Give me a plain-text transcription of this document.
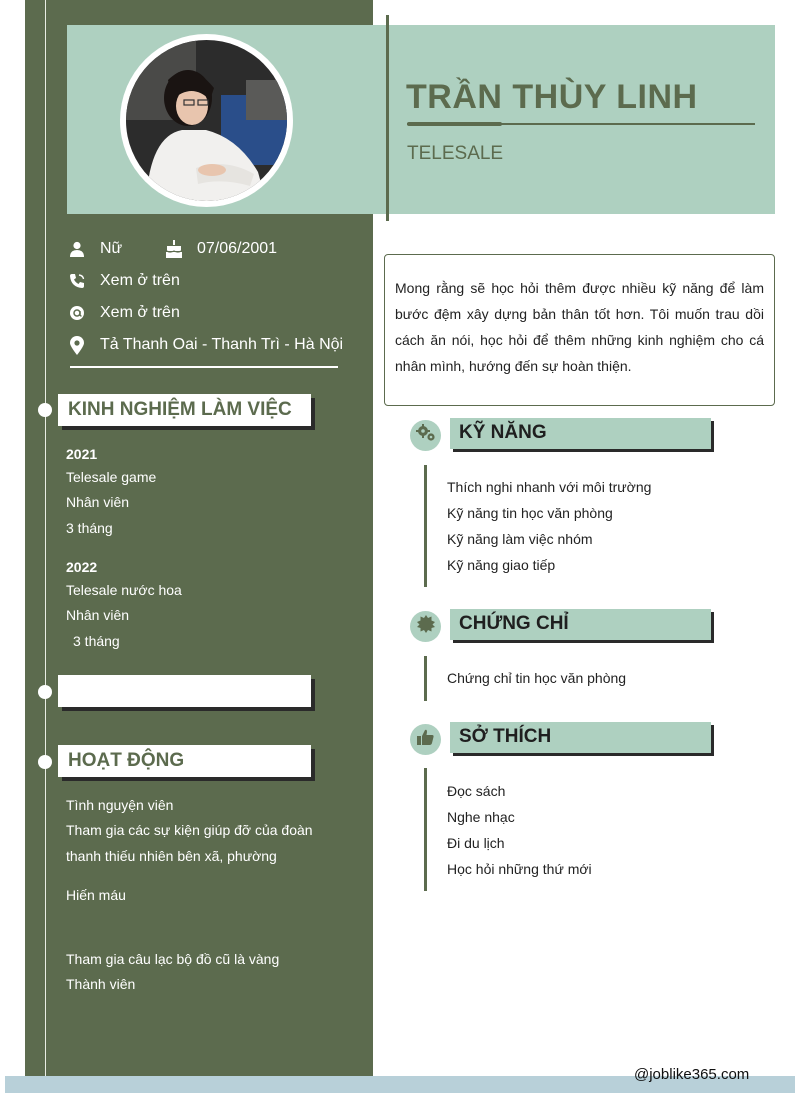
TRẦN THÙY LINH
TELESALE
Nữ	07/06/2001
Xem ở trên
Xem ở trên
Tả Thanh Oai - Thanh Trì - Hà Nội
KINH NGHIỆM LÀM VIỆC
2021
Telesale game
Nhân viên
3 tháng
2022
Telesale nước hoa
Nhân viên
3 tháng
HOẠT ĐỘNG
Tình nguyện viên
Tham gia các sự kiện giúp đỡ của đoàn
thanh thiếu nhiên bên xã, phường
Hiến máu
Tham gia câu lạc bộ đồ cũ là vàng
Thành viên

Mong rằng sẽ học hỏi thêm được nhiều kỹ năng để làm bước đệm xây dựng bản thân tốt hơn. Tôi muốn trau dồi cách ăn nói, học hỏi để thêm những kinh nghiệm cho cá nhân mình, hướng đến sự hoàn thiện.

KỸ NĂNG
Thích nghi nhanh với môi trường
Kỹ năng tin học văn phòng
Kỹ năng làm việc nhóm
Kỹ năng giao tiếp
CHỨNG CHỈ
Chứng chỉ tin học văn phòng
SỞ THÍCH
Đọc sách
Nghe nhạc
Đi du lịch
Học hỏi những thứ mới
@joblike365.com
